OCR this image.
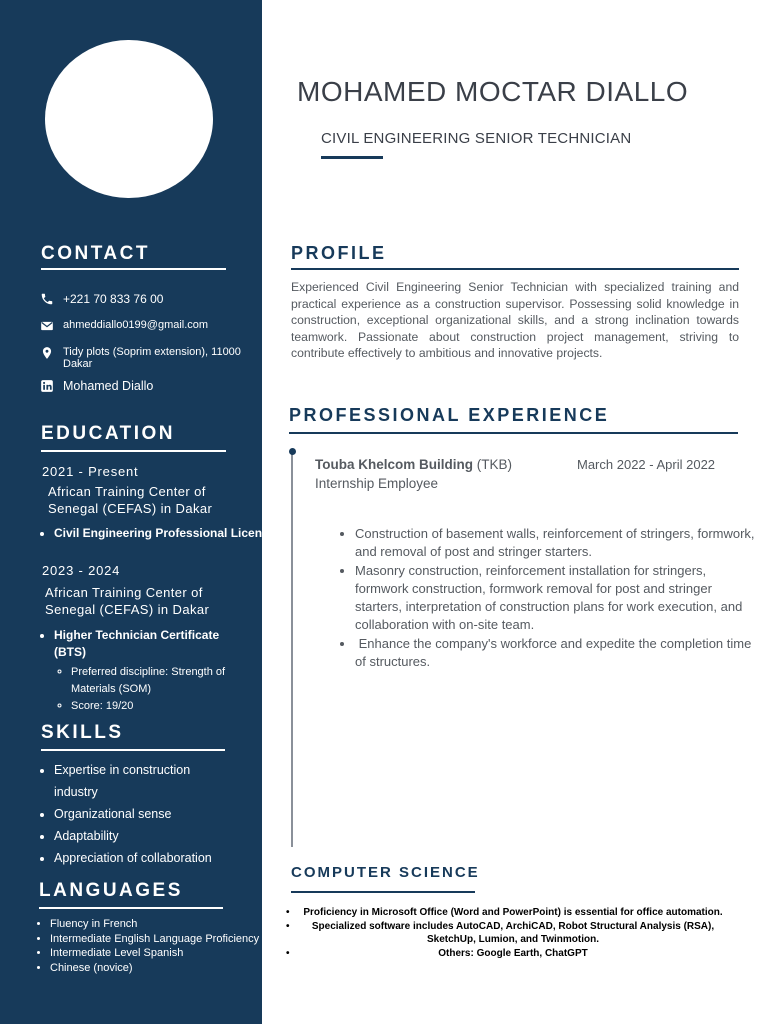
CONTACT
+221 70 833 76 00
ahmeddiallo0199@gmail.com
Tidy plots (Soprim extension), 11000 Dakar
Mohamed Diallo
EDUCATION
2021 - Present
African Training Center of Senegal (CEFAS) in Dakar
• Civil Engineering Professional License
2023 - 2024
African Training Center of Senegal (CEFAS) in Dakar
• Higher Technician Certificate (BTS)
◦ Preferred discipline: Strength of Materials (SOM)
◦ Score: 19/20
SKILLS
• Expertise in construction industry
• Organizational sense
• Adaptability
• Appreciation of collaboration
LANGUAGES
• Fluency in French
• Intermediate English Language Proficiency
• Intermediate Level Spanish
• Chinese (novice)
MOHAMED MOCTAR DIALLO
CIVIL ENGINEERING SENIOR TECHNICIAN
PROFILE

Experienced Civil Engineering Senior Technician with specialized training and practical experience as a construction supervisor. Possessing solid knowledge in construction, exceptional organizational skills, and a strong inclination towards teamwork. Passionate about construction project management, striving to contribute effectively to ambitious and innovative projects.

PROFESSIONAL EXPERIENCE
Touba Khelcom Building (TKB)	March 2022 - April 2022
Internship Employee
• Construction of basement walls, reinforcement of stringers, formwork, and removal of post and stringer starters.
• Masonry construction, reinforcement installation for stringers, formwork construction, formwork removal for post and stringer starters, interpretation of construction plans for work execution, and collaboration with on-site team.
•  Enhance the company's workforce and expedite the completion time of structures.
COMPUTER SCIENCE
• Proficiency in Microsoft Office (Word and PowerPoint) is essential for office automation.
• Specialized software includes AutoCAD, ArchiCAD, Robot Structural Analysis (RSA), SketchUp, Lumion, and Twinmotion.
• Others: Google Earth, ChatGPT
